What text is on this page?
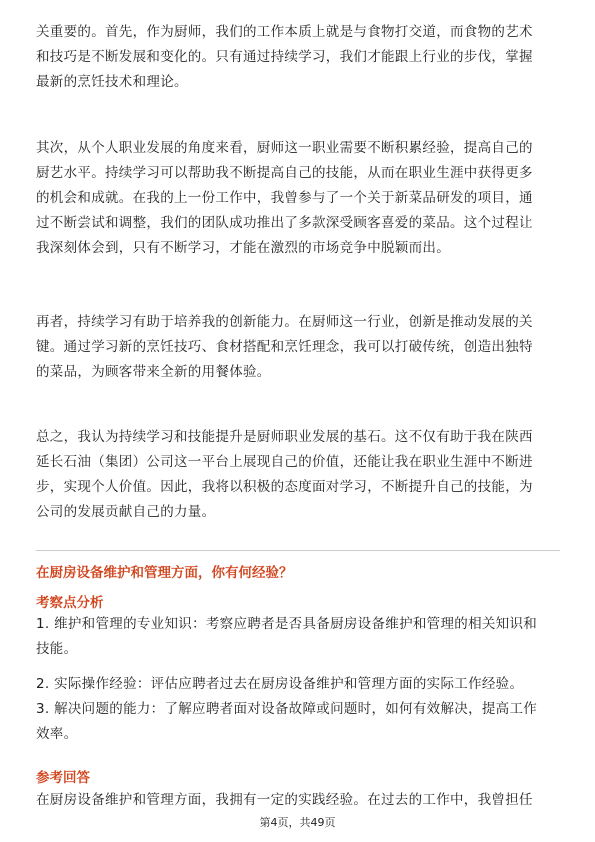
关重要的。首先，作为厨师，我们的工作本质上就是与食物打交道，而食物的艺术
和技巧是不断发展和变化的。只有通过持续学习，我们才能跟上行业的步伐，掌握
最新的烹饪技术和理论。

其次，从个人职业发展的角度来看，厨师这一职业需要不断积累经验，提高自己的
厨艺水平。持续学习可以帮助我不断提高自己的技能，从而在职业生涯中获得更多
的机会和成就。在我的上一份工作中，我曾参与了一个关于新菜品研发的项目，通
过不断尝试和调整，我们的团队成功推出了多款深受顾客喜爱的菜品。这个过程让
我深刻体会到，只有不断学习，才能在激烈的市场竞争中脱颖而出。

再者，持续学习有助于培养我的创新能力。在厨师这一行业，创新是推动发展的关
键。通过学习新的烹饪技巧、食材搭配和烹饪理念，我可以打破传统，创造出独特
的菜品，为顾客带来全新的用餐体验。

总之，我认为持续学习和技能提升是厨师职业发展的基石。这不仅有助于我在陕西
延长石油（集团）公司这一平台上展现自己的价值，还能让我在职业生涯中不断进
步，实现个人价值。因此，我将以积极的态度面对学习，不断提升自己的技能，为
公司的发展贡献自己的力量。

在厨房设备维护和管理方面，你有何经验？
考察点分析

1. 维护和管理的专业知识：考察应聘者是否具备厨房设备维护和管理的相关知识和
技能。

2. 实际操作经验：评估应聘者过去在厨房设备维护和管理方面的实际工作经验。

3. 解决问题的能力：了解应聘者面对设备故障或问题时，如何有效解决，提高工作
效率。

参考回答

在厨房设备维护和管理方面，我拥有一定的实践经验。在过去的工作中，我曾担任

第4页，共49页
